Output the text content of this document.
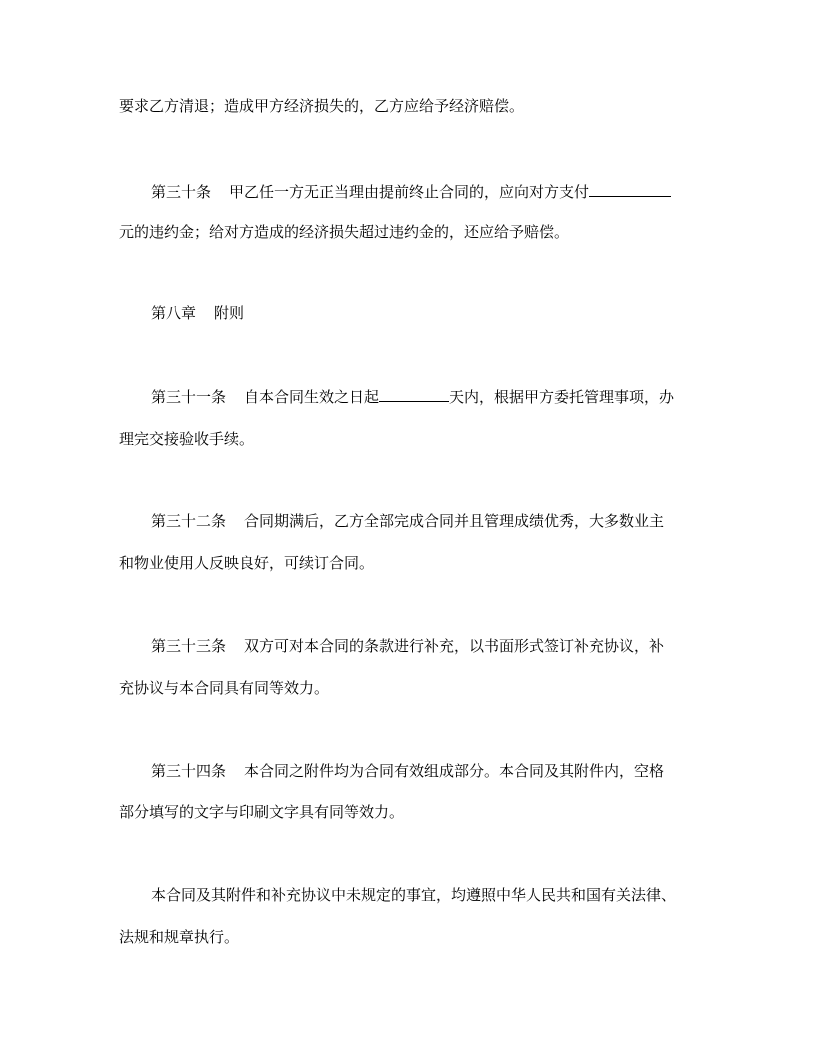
要求乙方清退；造成甲方经济损失的，乙方应给予经济赔偿。
第三十条 甲乙任一方无正当理由提前终止合同的，应向对方支付
元的违约金；给对方造成的经济损失超过违约金的，还应给予赔偿。
第八章 附则
第三十一条 自本合同生效之日起	天内，根据甲方委托管理事项，办
理完交接验收手续。
第三十二条 合同期满后，乙方全部完成合同并且管理成绩优秀，大多数业主
和物业使用人反映良好，可续订合同。
第三十三条 双方可对本合同的条款进行补充，以书面形式签订补充协议，补
充协议与本合同具有同等效力。
第三十四条 本合同之附件均为合同有效组成部分。本合同及其附件内，空格
部分填写的文字与印刷文字具有同等效力。
本合同及其附件和补充协议中未规定的事宜，均遵照中华人民共和国有关法律、
法规和规章执行。
